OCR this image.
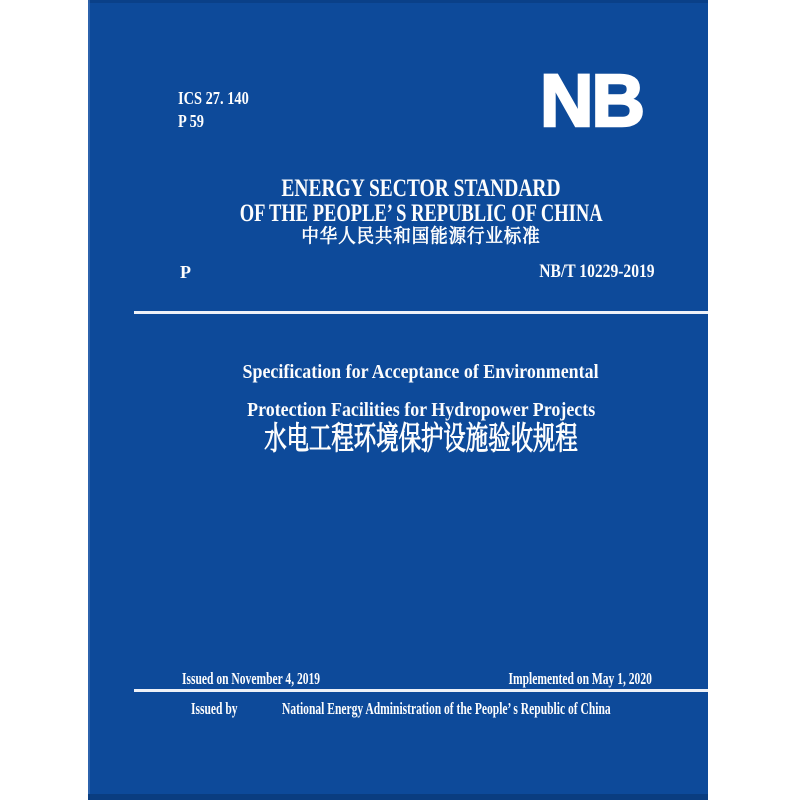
ICS 27. 140
P 59	NB
ENERGY SECTOR STANDARD
OF THE PEOPLE’ S REPUBLIC OF CHINA
中华人民共和国能源行业标准
P	NB/T 10229-2019
Specification for Acceptance of Environmental
Protection Facilities for Hydropower Projects
水电工程环境保护设施验收规程
Issued on November 4, 2019	Implemented on May 1, 2020
Issued by	National Energy Administration of the People’ s Republic of China
